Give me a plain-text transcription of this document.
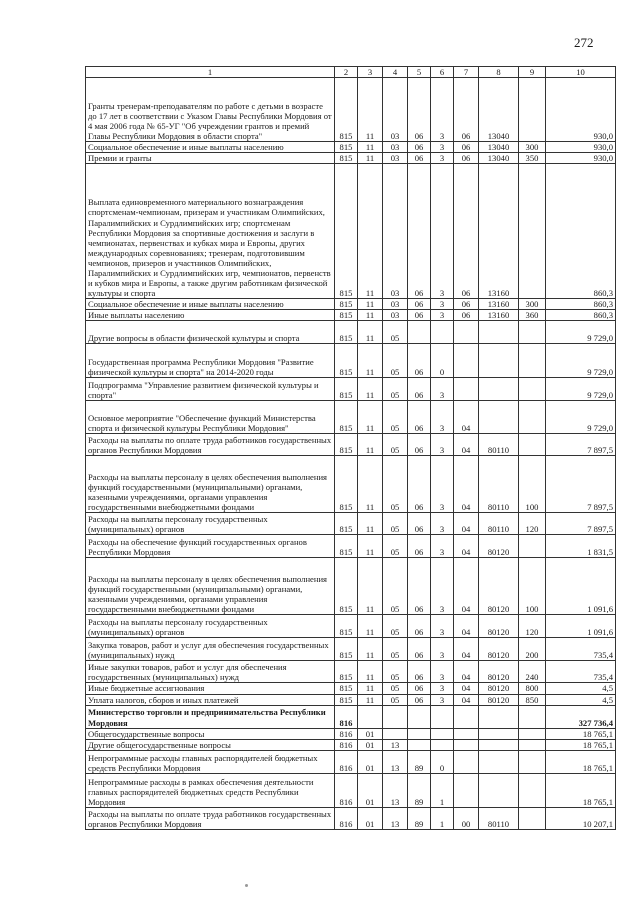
272
1	2	3	4	5	6	7	8	9	10
Гранты тренерам-преподавателям по работе с детьми в возрасте до 17 лет в соответствии с Указом Главы Республики Мордовия от 4 мая 2006 года № 65-УГ "Об учреждении грантов и премий Главы Республики Мордовия в области спорта"	815	11	03	06	3	06	13040		930,0
Социальное обеспечение и иные выплаты населению	815	11	03	06	3	06	13040	300	930,0
Премии и гранты	815	11	03	06	3	06	13040	350	930,0
Выплата единовременного материального вознаграждения спортсменам-чемпионам, призерам и участникам Олимпийских, Паралимпийских и Сурдлимпийских игр; спортсменам Республики Мордовия за спортивные достижения и заслуги в чемпионатах, первенствах и кубках мира и Европы, других международных соревнованиях; тренерам, подготовившим чемпионов, призеров и участников Олимпийских, Паралимпийских и Сурдлимпийских игр, чемпионатов, первенств и кубков мира и Европы, а также другим работникам физической культуры и спорта	815	11	03	06	3	06	13160		860,3
Социальное обеспечение и иные выплаты населению	815	11	03	06	3	06	13160	300	860,3
Иные выплаты населению	815	11	03	06	3	06	13160	360	860,3
Другие вопросы в области физической культуры и спорта	815	11	05						9 729,0
Государственная программа Республики Мордовия "Развитие физической культуры и спорта" на 2014-2020 годы	815	11	05	06	0				9 729,0
Подпрограмма "Управление развитием физической культуры и спорта"	815	11	05	06	3				9 729,0
Основное мероприятие "Обеспечение функций Министерства спорта и физической культуры Республики Мордовия"	815	11	05	06	3	04			9 729,0
Расходы на выплаты по оплате труда работников государственных органов Республики Мордовия	815	11	05	06	3	04	80110		7 897,5
Расходы на выплаты персоналу в целях обеспечения выполнения функций государственными (муниципальными) органами, казенными учреждениями, органами управления государственными внебюджетными фондами	815	11	05	06	3	04	80110	100	7 897,5
Расходы на выплаты персоналу государственных (муниципальных) органов	815	11	05	06	3	04	80110	120	7 897,5
Расходы на обеспечение функций государственных органов Республики Мордовия	815	11	05	06	3	04	80120		1 831,5
Расходы на выплаты персоналу в целях обеспечения выполнения функций государственными (муниципальными) органами, казенными учреждениями, органами управления государственными внебюджетными фондами	815	11	05	06	3	04	80120	100	1 091,6
Расходы на выплаты персоналу государственных (муниципальных) органов	815	11	05	06	3	04	80120	120	1 091,6
Закупка товаров, работ и услуг для обеспечения государственных (муниципальных) нужд	815	11	05	06	3	04	80120	200	735,4
Иные закупки товаров, работ и услуг для обеспечения государственных (муниципальных) нужд	815	11	05	06	3	04	80120	240	735,4
Иные бюджетные ассигнования	815	11	05	06	3	04	80120	800	4,5
Уплата налогов, сборов и иных платежей	815	11	05	06	3	04	80120	850	4,5
Министерство торговли и предпринимательства Республики Мордовия	816								327 736,4
Общегосударственные вопросы	816	01							18 765,1
Другие общегосударственные вопросы	816	01	13						18 765,1
Непрограммные расходы главных распорядителей бюджетных средств Республики Мордовия	816	01	13	89	0				18 765,1
Непрограммные расходы в рамках обеспечения деятельности главных распорядителей бюджетных средств Республики Мордовия	816	01	13	89	1				18 765,1
Расходы на выплаты по оплате труда работников государственных органов Республики Мордовия	816	01	13	89	1	00	80110		10 207,1
